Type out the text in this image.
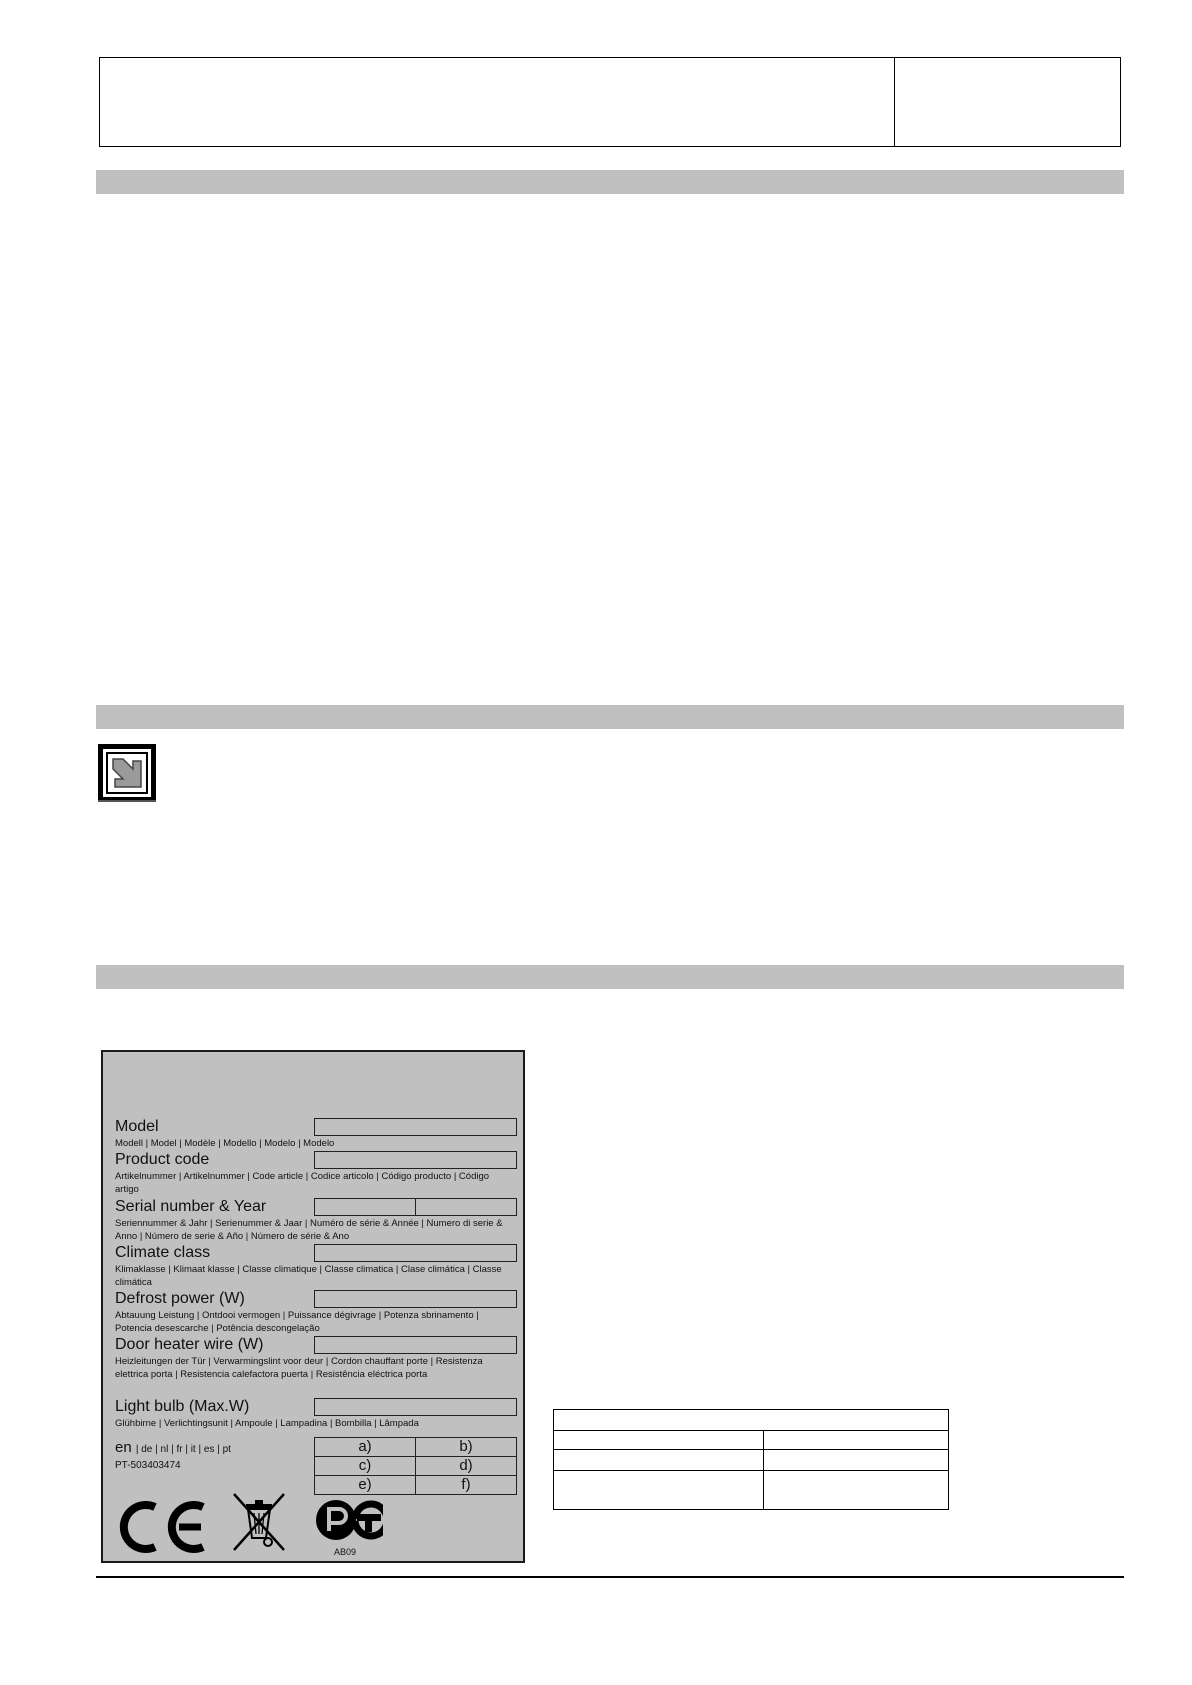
Model
Modell | Model | Modèle | Modello | Modelo | Modelo
Product code
Artikelnummer | Artikelnummer | Code article | Codice articolo | Código producto | Código artigo
Serial number & Year
Seriennummer & Jahr | Serienummer & Jaar | Numéro de série & Année | Numero di serie & Anno | Número de serie & Año | Número de série & Ano
Climate class
Klimaklasse | Klimaat klasse | Classe climatique | Classe climatica | Clase climática | Classe climática
Defrost power (W)
Abtauung Leistung | Ontdooi vermogen | Puissance dégivrage | Potenza sbrinamento | Potencia desescarche | Potência descongelação
Door heater wire (W)
Heizleitungen der Tür | Verwarmingslint voor deur | Cordon chauffant porte | Resistenza elettrica porta | Resistencia calefactora puerta | Resistência eléctrica porta
Light bulb (Max.W)
Glühbirne | Verlichtingsunit | Ampoule | Lampadina | Bombilla | Lâmpada
en | de | nl | fr | it | es | pt
PT-503403474
a)	b)
c)	d)
e)	f)
AB09
